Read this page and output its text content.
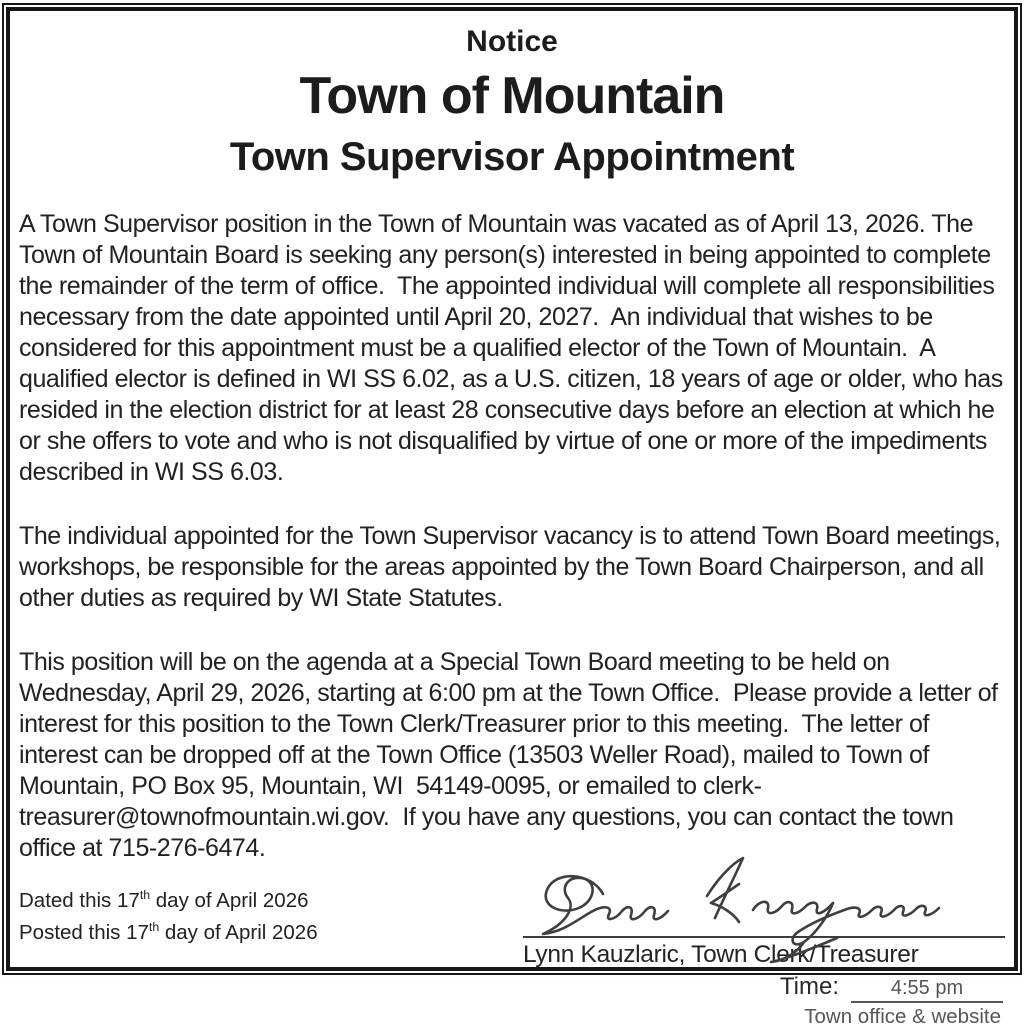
Notice
Town of Mountain
Town Supervisor Appointment

A Town Supervisor position in the Town of Mountain was vacated as of April 13, 2026. The Town of Mountain Board is seeking any person(s) interested in being appointed to complete the remainder of the term of office.  The appointed individual will complete all responsibilities necessary from the date appointed until April 20, 2027.  An individual that wishes to be considered for this appointment must be a qualified elector of the Town of Mountain.  A qualified elector is defined in WI SS 6.02, as a U.S. citizen, 18 years of age or older, who has resided in the election district for at least 28 consecutive days before an election at which he or she offers to vote and who is not disqualified by virtue of one or more of the impediments described in WI SS 6.03.

The individual appointed for the Town Supervisor vacancy is to attend Town Board meetings, workshops, be responsible for the areas appointed by the Town Board Chairperson, and all other duties as required by WI State Statutes.

This position will be on the agenda at a Special Town Board meeting to be held on Wednesday, April 29, 2026, starting at 6:00 pm at the Town Office.  Please provide a letter of interest for this position to the Town Clerk/Treasurer prior to this meeting.  The letter of interest can be dropped off at the Town Office (13503 Weller Road), mailed to Town of Mountain, PO Box 95, Mountain, WI  54149-0095, or emailed to clerk-treasurer@townofmountain.wi.gov.  If you have any questions, you can contact the town office at 715-276-6474.

Dated this 17th day of April 2026
Posted this 17th day of April 2026
Lynn Kauzlaric, Town Clerk/Treasurer
Time:	4:55 pm
Town office & website
